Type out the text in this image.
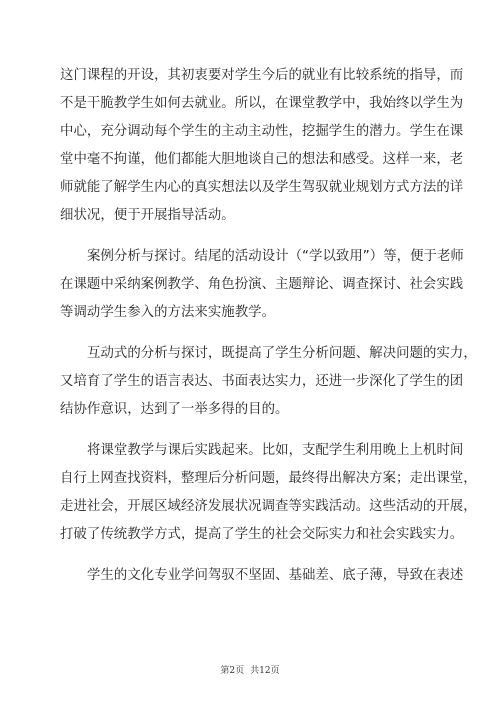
这门课程的开设，其初衷要对学生今后的就业有比较系统的指导，而
不是干脆教学生如何去就业。所以，在课堂教学中，我始终以学生为
中心，充分调动每个学生的主动主动性，挖掘学生的潜力。学生在课
堂中毫不拘谨，他们都能大胆地谈自己的想法和感受。这样一来，老
师就能了解学生内心的真实想法以及学生驾驭就业规划方式方法的详
细状况，便于开展指导活动。
案例分析与探讨。结尾的活动设计（“学以致用”）等，便于老师
在课题中采纳案例教学、角色扮演、主题辩论、调查探讨、社会实践
等调动学生参入的方法来实施教学。
互动式的分析与探讨，既提高了学生分析问题、解决问题的实力，
又培育了学生的语言表达、书面表达实力，还进一步深化了学生的团
结协作意识，达到了一举多得的目的。
将课堂教学与课后实践起来。比如，支配学生利用晚上上机时间
自行上网查找资料，整理后分析问题，最终得出解决方案；走出课堂，
走进社会，开展区域经济发展状况调查等实践活动。这些活动的开展，
打破了传统教学方式，提高了学生的社会交际实力和社会实践实力。
学生的文化专业学问驾驭不坚固、基础差、底子薄，导致在表述
第2页 共12页
